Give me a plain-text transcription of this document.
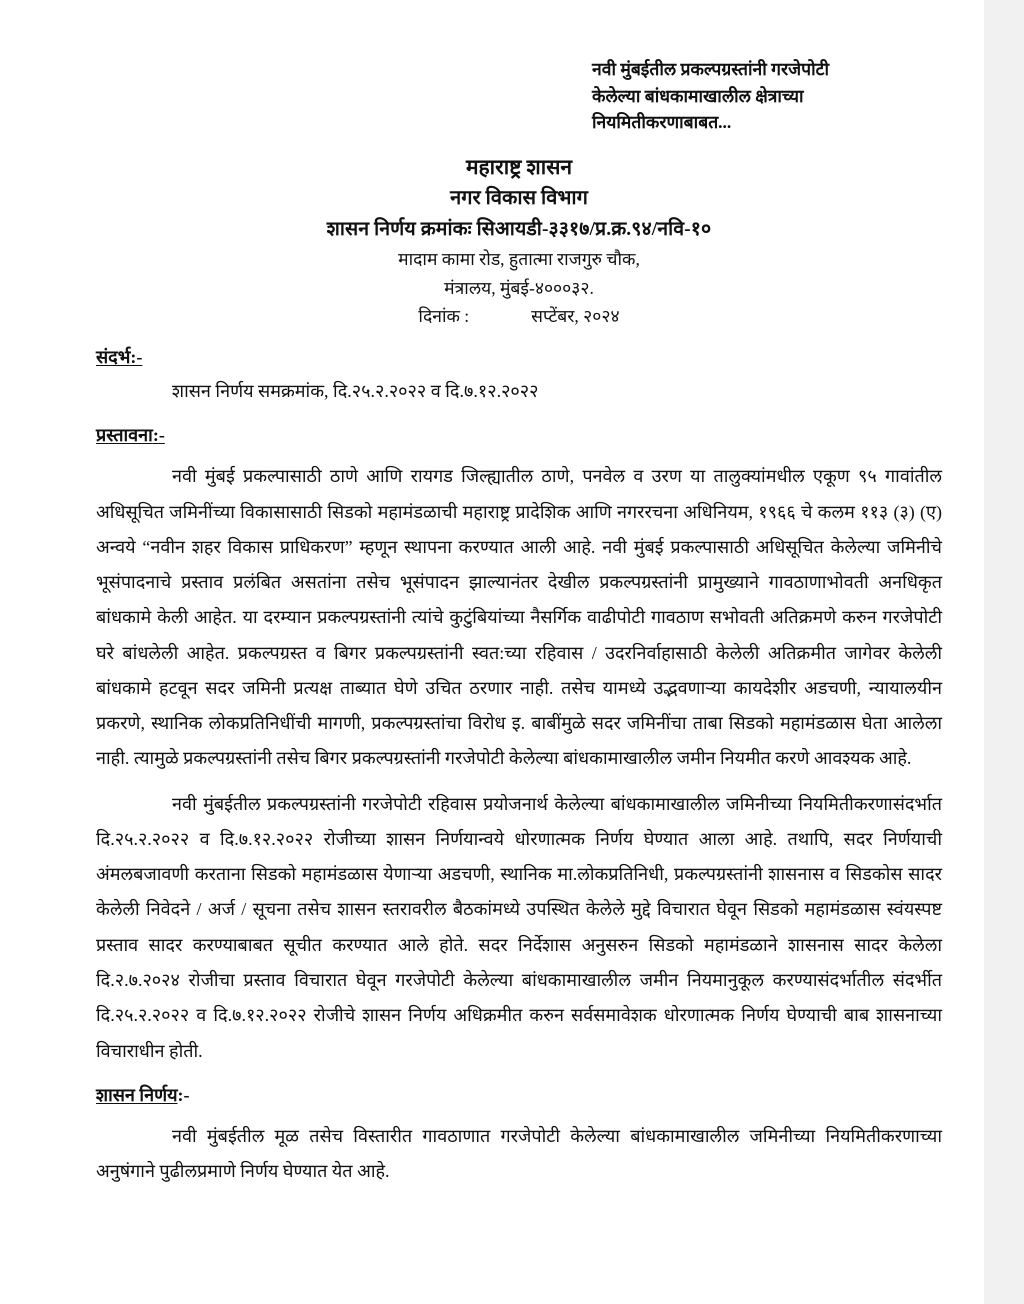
नवी मुंबईतील प्रकल्पग्रस्तांनी गरजेपोटी
केलेल्या बांधकामाखालील क्षेत्राच्या
नियमितीकरणाबाबत...
महाराष्ट्र शासन
नगर विकास विभाग
शासन निर्णय क्रमांकः सिआयडी-३३१७/प्र.क्र.९४/नवि-१०
मादाम कामा रोड, हुतात्मा राजगुरु चौक,
मंत्रालय, मुंबई-४०००३२.
दिनांक :	सप्टेंबर, २०२४
संदर्भ:-
शासन निर्णय समक्रमांक, दि.२५.२.२०२२ व दि.७.१२.२०२२
प्रस्तावना:-
नवी मुंबई प्रकल्पासाठी ठाणे आणि रायगड जिल्ह्यातील ठाणे, पनवेल व उरण या तालुक्यांमधील एकूण ९५ गावांतील अधिसूचित जमिनींच्या विकासासाठी सिडको महामंडळाची महाराष्ट्र प्रादेशिक आणि नगररचना अधिनियम, १९६६ चे कलम ११३ (३) (ए) अन्वये “नवीन शहर विकास प्राधिकरण” म्हणून स्थापना करण्यात आली आहे. नवी मुंबई प्रकल्पासाठी अधिसूचित केलेल्या जमिनीचे भूसंपादनाचे प्रस्ताव प्रलंबित असतांना तसेच भूसंपादन झाल्यानंतर देखील प्रकल्पग्रस्तांनी प्रामुख्याने गावठाणाभोवती अनधिकृत बांधकामे केली आहेत. या दरम्यान प्रकल्पग्रस्तांनी त्यांचे कुटुंबियांच्या नैसर्गिक वाढीपोटी गावठाण सभोवती अतिक्रमणे करुन गरजेपोटी घरे बांधलेली आहेत. प्रकल्पग्रस्त व बिगर प्रकल्पग्रस्तांनी स्वत:च्या रहिवास / उदरनिर्वाहासाठी केलेली अतिक्रमीत जागेवर केलेली बांधकामे हटवून सदर जमिनी प्रत्यक्ष ताब्यात घेणे उचित ठरणार नाही. तसेच यामध्ये उद्भवणाऱ्या कायदेशीर अडचणी, न्यायालयीन प्रकरणे, स्थानिक लोकप्रतिनिधींची मागणी, प्रकल्पग्रस्तांचा विरोध इ. बाबींमुळे सदर जमिनींचा ताबा सिडको महामंडळास घेता आलेला नाही. त्यामुळे प्रकल्पग्रस्तांनी तसेच बिगर प्रकल्पग्रस्तांनी गरजेपोटी केलेल्या बांधकामाखालील जमीन नियमीत करणे आवश्यक आहे.
नवी मुंबईतील प्रकल्पग्रस्तांनी गरजेपोटी रहिवास प्रयोजनार्थ केलेल्या बांधकामाखालील जमिनीच्या नियमितीकरणासंदर्भात दि.२५.२.२०२२ व दि.७.१२.२०२२ रोजीच्या शासन निर्णयान्वये धोरणात्मक निर्णय घेण्यात आला आहे. तथापि, सदर निर्णयाची अंमलबजावणी करताना सिडको महामंडळास येणाऱ्या अडचणी, स्थानिक मा.लोकप्रतिनिधी, प्रकल्पग्रस्तांनी शासनास व सिडकोस सादर केलेली निवेदने / अर्ज / सूचना तसेच शासन स्तरावरील बैठकांमध्ये उपस्थित केलेले मुद्दे विचारात घेवून सिडको महामंडळास स्वंयस्पष्ट प्रस्ताव सादर करण्याबाबत सूचीत करण्यात आले होते. सदर निर्देशास अनुसरुन सिडको महामंडळाने शासनास सादर केलेला दि.२.७.२०२४ रोजीचा प्रस्ताव विचारात घेवून गरजेपोटी केलेल्या बांधकामाखालील जमीन नियमानुकूल करण्यासंदर्भातील संदर्भीत दि.२५.२.२०२२ व दि.७.१२.२०२२ रोजीचे शासन निर्णय अधिक्रमीत करुन सर्वसमावेशक धोरणात्मक निर्णय घेण्याची बाब शासनाच्या विचाराधीन होती.
शासन निर्णय:-
नवी मुंबईतील मूळ तसेच विस्तारीत गावठाणात गरजेपोटी केलेल्या बांधकामाखालील जमिनीच्या नियमितीकरणाच्या अनुषंगाने पुढीलप्रमाणे निर्णय घेण्यात येत आहे.
